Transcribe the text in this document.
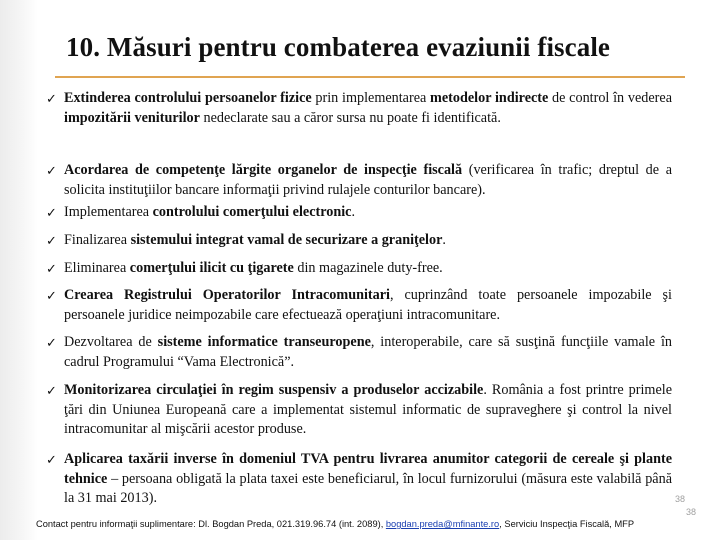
10. Măsuri pentru combaterea evaziunii fiscale
✓ Extinderea controlului persoanelor fizice prin implementarea metodelor indirecte de control în vederea impozitării veniturilor nedeclarate sau a căror sursa nu poate fi identificată.
✓ Acordarea de competenţe lărgite organelor de inspecţie fiscală (verificarea în trafic; dreptul de a solicita instituţiilor bancare informaţii privind rulajele conturilor bancare).
✓ Implementarea controlului comerţului electronic.
✓ Finalizarea sistemului integrat vamal de securizare a graniţelor.
✓ Eliminarea comerţului ilicit cu ţigarete din magazinele duty-free.
✓ Crearea Registrului Operatorilor Intracomunitari, cuprinzând toate persoanele impozabile şi persoanele juridice neimpozabile care efectuează operaţiuni intracomunitare.
✓ Dezvoltarea de sisteme informatice transeuropene, interoperabile, care să susţină funcţiile vamale în cadrul Programului “Vama Electronică”.
✓ Monitorizarea circulaţiei în regim suspensiv a produselor accizabile. România a fost printre primele ţări din Uniunea Europeană care a implementat sistemul informatic de supraveghere şi control la nivel intracomunitar al mişcării acestor produse.
✓ Aplicarea taxării inverse în domeniul TVA pentru livrarea anumitor categorii de cereale şi plante tehnice – persoana obligată la plata taxei este beneficiarul, în locul furnizorului (măsura este valabilă până la 31 mai 2013).	38
38
Contact pentru informaţii suplimentare: Dl. Bogdan Preda, 021.319.96.74 (int. 2089), bogdan.preda@mfinante.ro, Serviciu Inspecţia Fiscală, MFP
